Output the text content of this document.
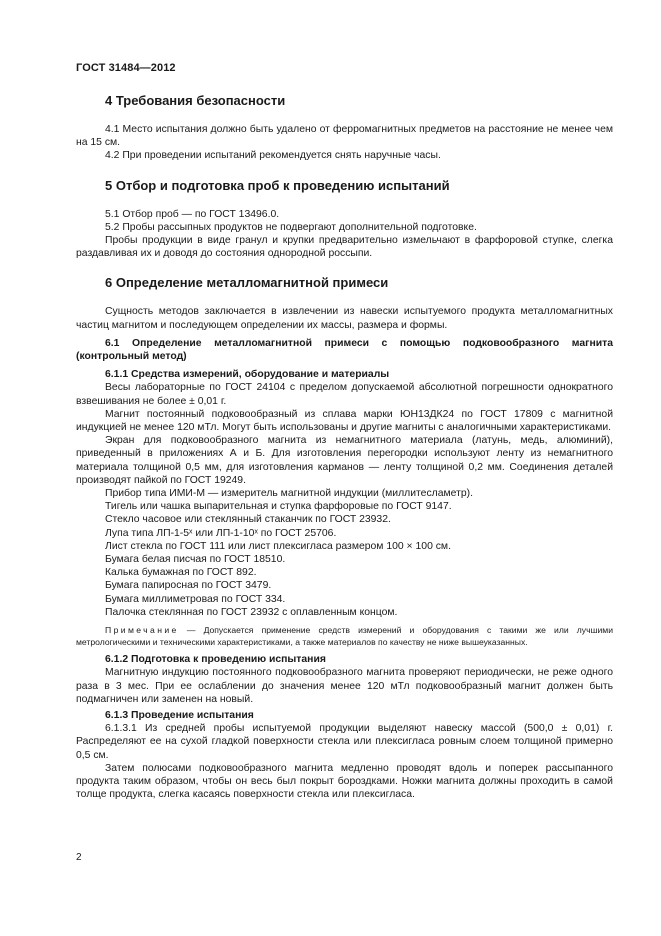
ГОСТ 31484—2012
4 Требования безопасности

4.1 Место испытания должно быть удалено от ферромагнитных предметов на расстояние не менее чем на 15 см.

4.2 При проведении испытаний рекомендуется снять наручные часы.

5 Отбор и подготовка проб к проведению испытаний

5.1 Отбор проб — по ГОСТ 13496.0.

5.2 Пробы рассыпных продуктов не подвергают дополнительной подготовке.

Пробы продукции в виде гранул и крупки предварительно измельчают в фарфоровой ступке, слегка раздавливая их и доводя до состояния однородной россыпи.

6 Определение металломагнитной примеси

Сущность методов заключается в извлечении из навески испытуемого продукта металломагнитных частиц магнитом и последующем определении их массы, размера и формы.

6.1 Определение металломагнитной примеси с помощью подковообразного магнита (контрольный метод)

6.1.1 Средства измерений, оборудование и материалы

Весы лабораторные по ГОСТ 24104 с пределом допускаемой абсолютной погрешности однократного взвешивания не более ± 0,01 г.

Магнит постоянный подковообразный из сплава марки ЮН13ДК24 по ГОСТ 17809 с магнитной индукцией не менее 120 мТл. Могут быть использованы и другие магниты с аналогичными характеристиками.

Экран для подковообразного магнита из немагнитного материала (латунь, медь, алюминий), приведенный в приложениях А и Б. Для изготовления перегородки используют ленту из немагнитного материала толщиной 0,5 мм, для изготовления карманов — ленту толщиной 0,2 мм. Соединения деталей производят пайкой по ГОСТ 19249.

Прибор типа ИМИ-М — измеритель магнитной индукции (миллитесламетр).

Тигель или чашка выпарительная и ступка фарфоровые по ГОСТ 9147.

Стекло часовое или стеклянный стаканчик по ГОСТ 23932.

Лупа типа ЛП-1-5ˣ или ЛП-1-10ˣ по ГОСТ 25706.

Лист стекла по ГОСТ 111 или лист плексигласа размером 100 × 100 см.

Бумага белая писчая по ГОСТ 18510.

Калька бумажная по ГОСТ 892.

Бумага папиросная по ГОСТ 3479.

Бумага миллиметровая по ГОСТ 334.

Палочка стеклянная по ГОСТ 23932 с оплавленным концом.

Примечание — Допускается применение средств измерений и оборудования с такими же или лучшими метрологическими и техническими характеристиками, а также материалов по качеству не ниже вышеуказанных.

6.1.2 Подготовка к проведению испытания

Магнитную индукцию постоянного подковообразного магнита проверяют периодически, не реже одного раза в 3 мес. При ее ослаблении до значения менее 120 мТл подковообразный магнит должен быть подмагничен или заменен на новый.

6.1.3 Проведение испытания

6.1.3.1 Из средней пробы испытуемой продукции выделяют навеску массой (500,0 ± 0,01) г. Распределяют ее на сухой гладкой поверхности стекла или плексигласа ровным слоем толщиной примерно 0,5 см.

Затем полюсами подковообразного магнита медленно проводят вдоль и поперек рассыпанного продукта таким образом, чтобы он весь был покрыт бороздками. Ножки магнита должны проходить в самой толще продукта, слегка касаясь поверхности стекла или плексигласа.

2
